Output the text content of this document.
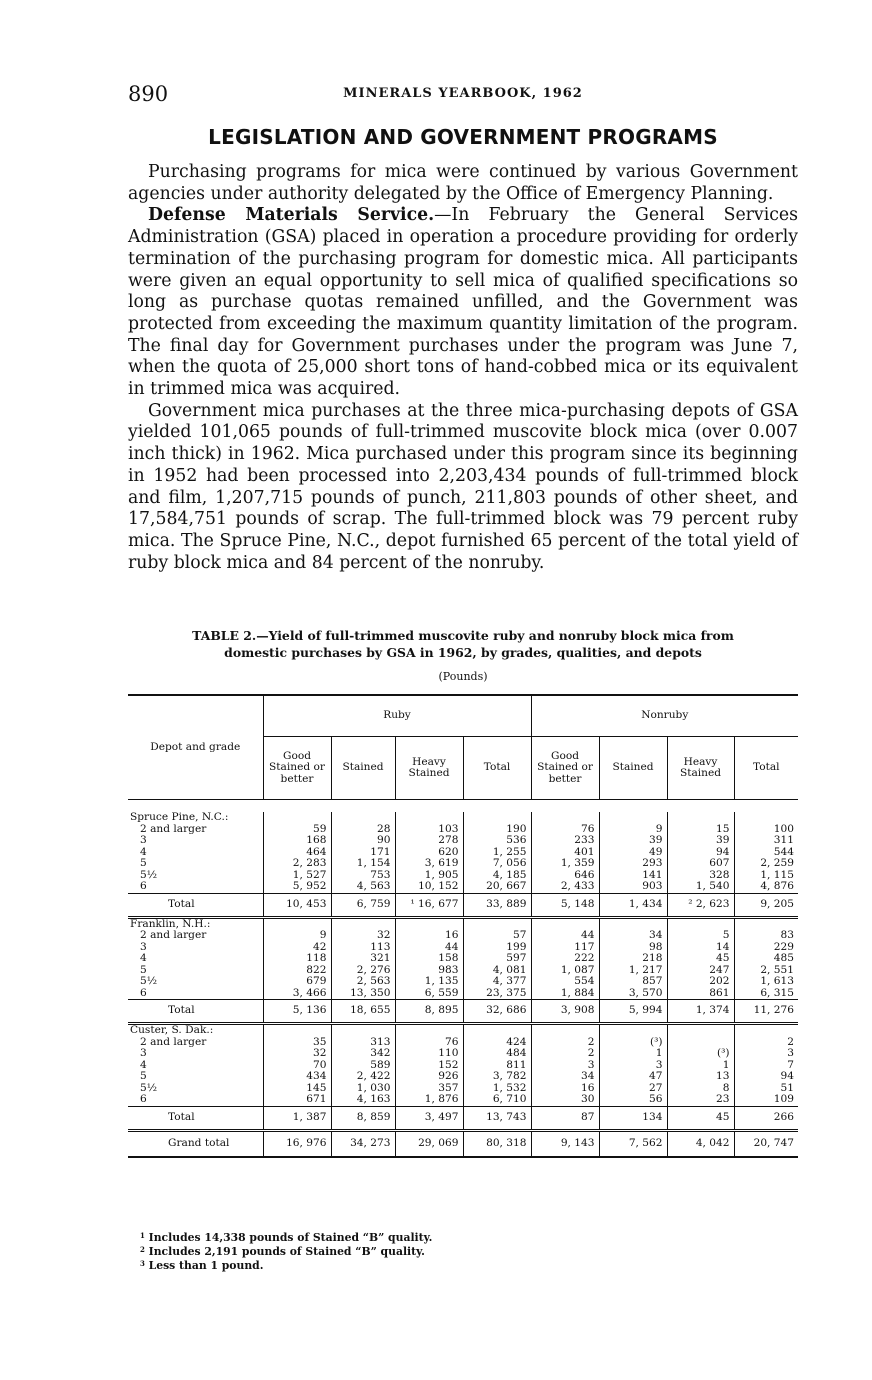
890	MINERALS YEARBOOK, 1962
LEGISLATION AND GOVERNMENT PROGRAMS

Purchasing programs for mica were continued by various Government agencies under authority delegated by the Office of Emergency Planning.

Defense Materials Service.—In February the General Services Administration (GSA) placed in operation a procedure providing for orderly termination of the purchasing program for domestic mica. All participants were given an equal opportunity to sell mica of qualified specifications so long as purchase quotas remained unfilled, and the Government was protected from exceeding the maximum quantity limitation of the program. The final day for Government purchases under the program was June 7, when the quota of 25,000 short tons of hand-cobbed mica or its equivalent in trimmed mica was acquired.

Government mica purchases at the three mica-purchasing depots of GSA yielded 101,065 pounds of full-trimmed muscovite block mica (over 0.007 inch thick) in 1962. Mica purchased under this program since its beginning in 1952 had been processed into 2,203,434 pounds of full-trimmed block and film, 1,207,715 pounds of punch, 211,803 pounds of other sheet, and 17,584,751 pounds of scrap. The full-trimmed block was 79 percent ruby mica. The Spruce Pine, N.C., depot furnished 65 percent of the total yield of ruby block mica and 84 percent of the nonruby.

TABLE 2.—Yield of full-trimmed muscovite ruby and nonruby block mica from
domestic purchases by GSA in 1962, by grades, qualities, and depots
(Pounds)
Depot and grade	Ruby				Nonruby			
	Good Stained or better	Stained	Heavy Stained	Total	Good Stained or better	Stained	Heavy Stained	Total

Spruce Pine, N.C.:								
2 and larger	59	28	103	190	76	9	15	100
3	168	90	278	536	233	39	39	311
4	464	171	620	1, 255	401	49	94	544
5	2, 283	1, 154	3, 619	7, 056	1, 359	293	607	2, 259
5½	1, 527	753	1, 905	4, 185	646	141	328	1, 115
6	5, 952	4, 563	10, 152	20, 667	2, 433	903	1, 540	4, 876
Total	10, 453	6, 759	¹ 16, 677	33, 889	5, 148	1, 434	² 2, 623	9, 205
Franklin, N.H.:								
2 and larger	9	32	16	57	44	34	5	83
3	42	113	44	199	117	98	14	229
4	118	321	158	597	222	218	45	485
5	822	2, 276	983	4, 081	1, 087	1, 217	247	2, 551
5½	679	2, 563	1, 135	4, 377	554	857	202	1, 613
6	3, 466	13, 350	6, 559	23, 375	1, 884	3, 570	861	6, 315
Total	5, 136	18, 655	8, 895	32, 686	3, 908	5, 994	1, 374	11, 276
Custer, S. Dak.:								
2 and larger	35	313	76	424	2	(³)		2
3	32	342	110	484	2	1	(³)	3
4	70	589	152	811	3	3	1	7
5	434	2, 422	926	3, 782	34	47	13	94
5½	145	1, 030	357	1, 532	16	27	8	51
6	671	4, 163	1, 876	6, 710	30	56	23	109
Total	1, 387	8, 859	3, 497	13, 743	87	134	45	266
Grand total	16, 976	34, 273	29, 069	80, 318	9, 143	7, 562	4, 042	20, 747
$^1$ Includes 14,338 pounds of Stained “B” quality.
$^2$ Includes 2,191 pounds of Stained “B” quality.
$^3$ Less than 1 pound.
